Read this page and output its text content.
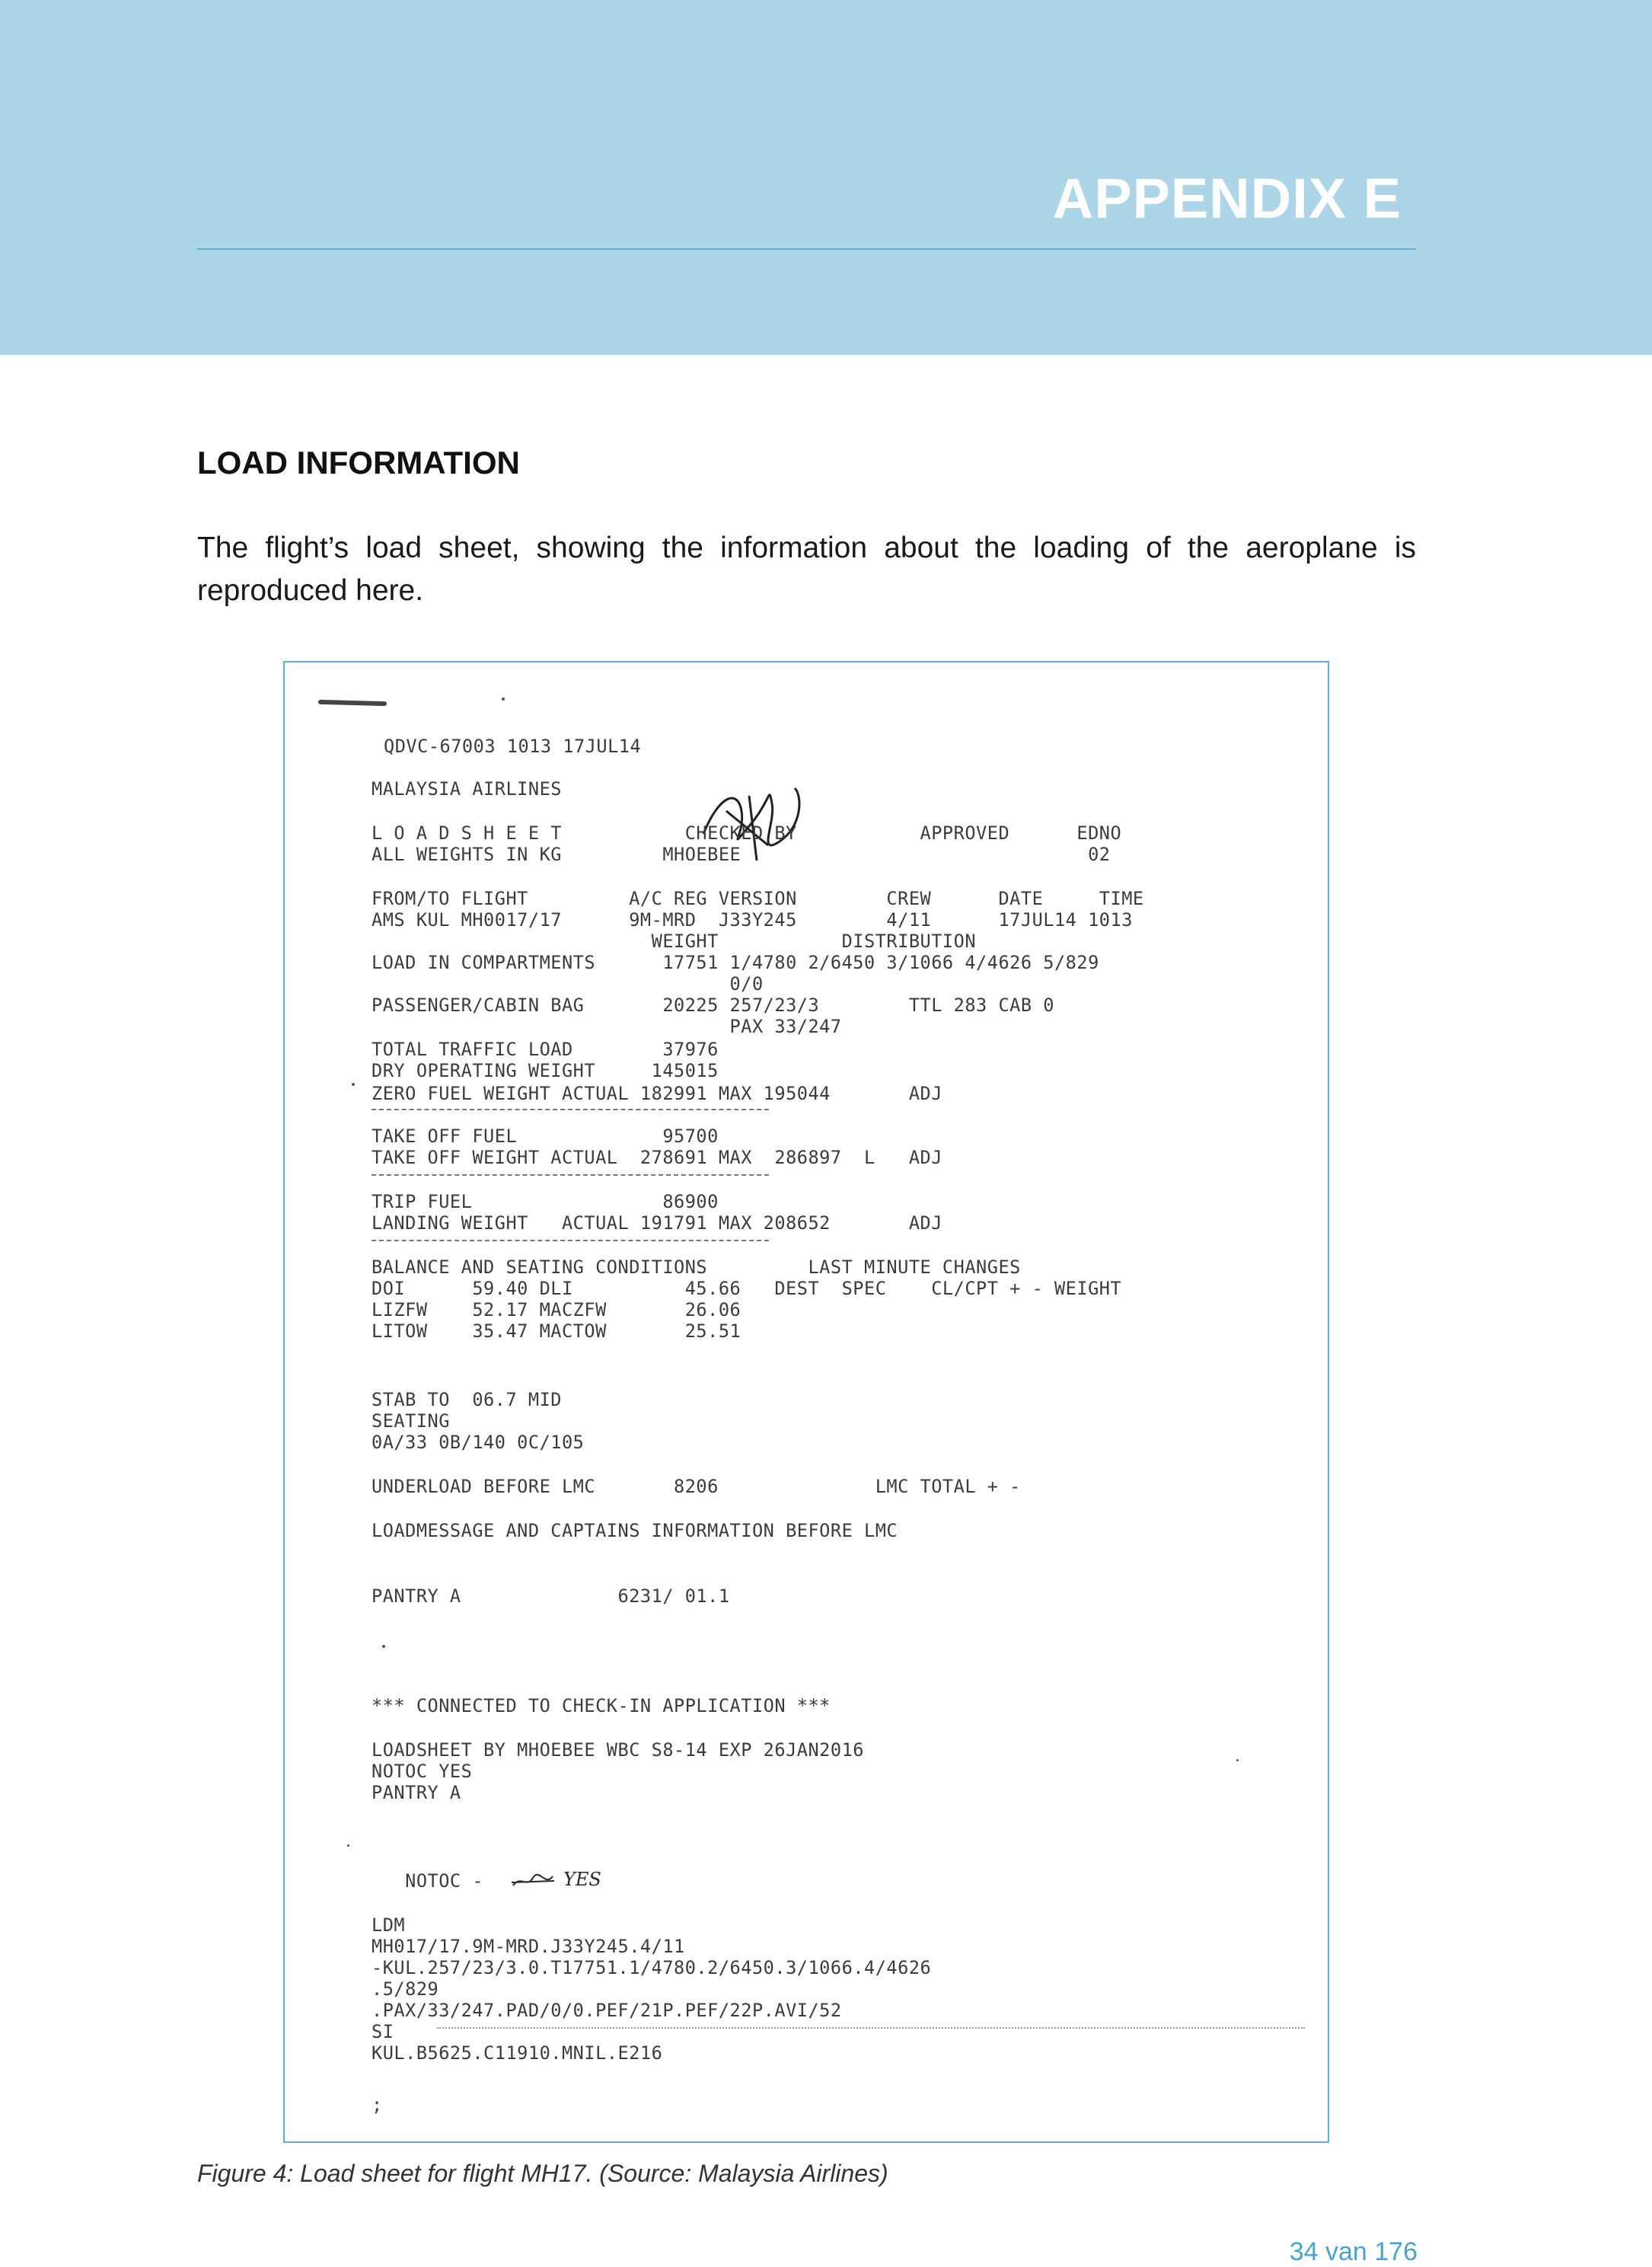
APPENDIX E
LOAD INFORMATION

The flight’s load sheet, showing the information about the loading of the aeroplane is reproduced here.

QDVC-67003 1013 17JUL14
MALAYSIA AIRLINES
L O A D S H E E T           CHECKED BY           APPROVED      EDNO
ALL WEIGHTS IN KG         MHOEBEE                               02
FROM/TO FLIGHT         A/C REG VERSION        CREW      DATE     TIME
AMS KUL MH0017/17      9M-MRD  J33Y245        4/11      17JUL14 1013
WEIGHT           DISTRIBUTION
LOAD IN COMPARTMENTS      17751 1/4780 2/6450 3/1066 4/4626 5/829
0/0
PASSENGER/CABIN BAG       20225 257/23/3        TTL 283 CAB 0
PAX 33/247
TOTAL TRAFFIC LOAD        37976
DRY OPERATING WEIGHT     145015
ZERO FUEL WEIGHT ACTUAL 182991 MAX 195044       ADJ
TAKE OFF FUEL             95700
TAKE OFF WEIGHT ACTUAL  278691 MAX  286897  L   ADJ
TRIP FUEL                 86900
LANDING WEIGHT   ACTUAL 191791 MAX 208652       ADJ
BALANCE AND SEATING CONDITIONS         LAST MINUTE CHANGES
DOI      59.40 DLI          45.66   DEST  SPEC    CL/CPT + - WEIGHT
LIZFW    52.17 MACZFW       26.06
LITOW    35.47 MACTOW       25.51
STAB TO  06.7 MID
SEATING
0A/33 0B/140 0C/105
UNDERLOAD BEFORE LMC       8206              LMC TOTAL + -
LOADMESSAGE AND CAPTAINS INFORMATION BEFORE LMC
PANTRY A              6231/ 01.1
*** CONNECTED TO CHECK-IN APPLICATION ***
LOADSHEET BY MHOEBEE WBC S8-14 EXP 26JAN2016
NOTOC YES
PANTRY A
NOTOC -	YES
LDM
MH017/17.9M-MRD.J33Y245.4/11
-KUL.257/23/3.0.T17751.1/4780.2/6450.3/1066.4/4626
.5/829
.PAX/33/247.PAD/0/0.PEF/21P.PEF/22P.AVI/52
SI
KUL.B5625.C11910.MNIL.E216
;

Figure 4: Load sheet for flight MH17. (Source: Malaysia Airlines)

34 van 176
